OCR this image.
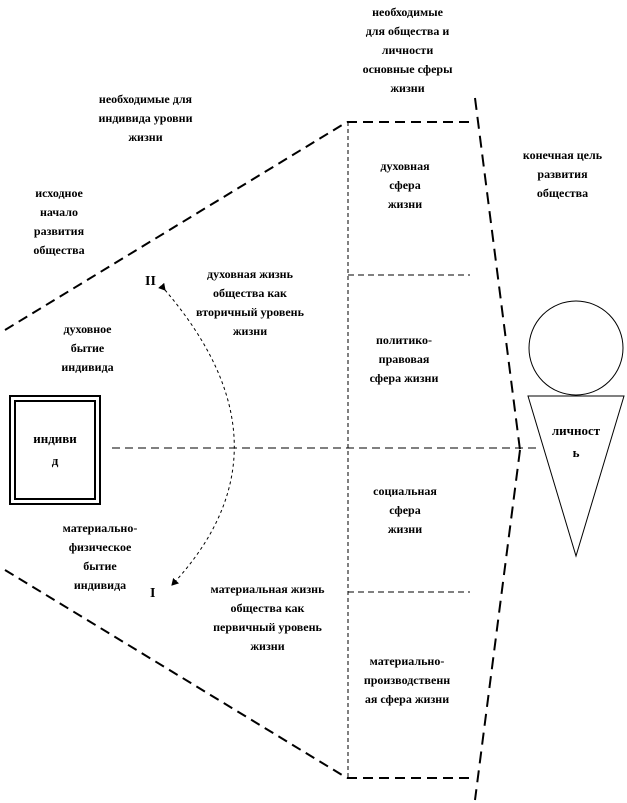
индиви
д
личност
ь
необходимые
для общества и
личности
основные сферы
жизни
необходимые для
индивида уровни
жизни
исходное
начало
развития
общества
конечная цель
развития
общества
духовное
бытие
индивида
материально-
физическое
бытие
индивида
духовная жизнь
общества как
вторичный уровень
жизни
материальная жизнь
общества как
первичный уровень
жизни
духовная
сфера
жизни
политико-
правовая
сфера жизни
социальная
сфера
жизни
материально-
производственн
ая сфера жизни
II
I
